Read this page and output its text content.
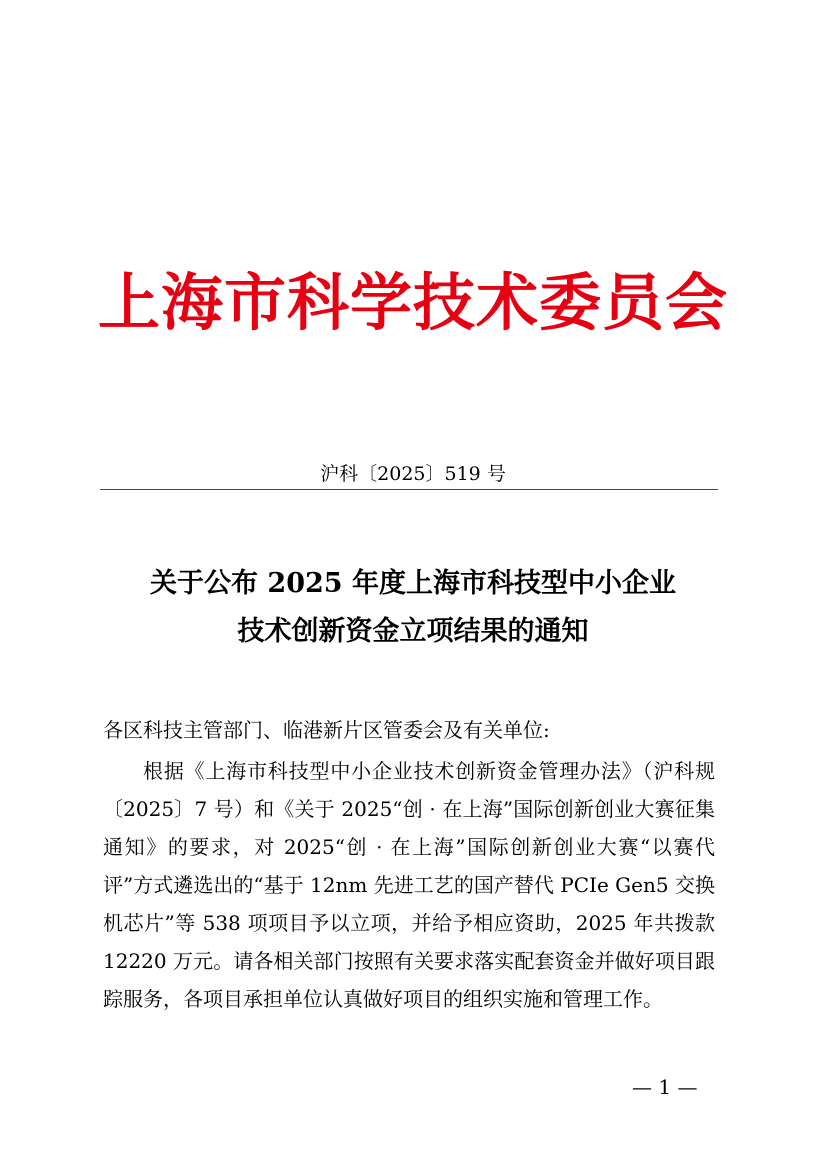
上海市科学技术委员会
沪科〔2025〕519 号
关于公布 2025 年度上海市科技型中小企业
技术创新资金立项结果的通知
各区科技主管部门、临港新片区管委会及有关单位:

根据《上海市科技型中小企业技术创新资金管理办法》（沪科规〔2025〕7 号）和《关于 2025“创 · 在上海”国际创新创业大赛征集通知》的要求，对 2025“创 · 在上海”国际创新创业大赛“以赛代评”方式遴选出的“基于 12nm 先进工艺的国产替代 PCIe Gen5 交换机芯片”等 538 项项目予以立项，并给予相应资助，2025 年共拨款 12220 万元。请各相关部门按照有关要求落实配套资金并做好项目跟踪服务，各项目承担单位认真做好项目的组织实施和管理工作。

— 1 —
